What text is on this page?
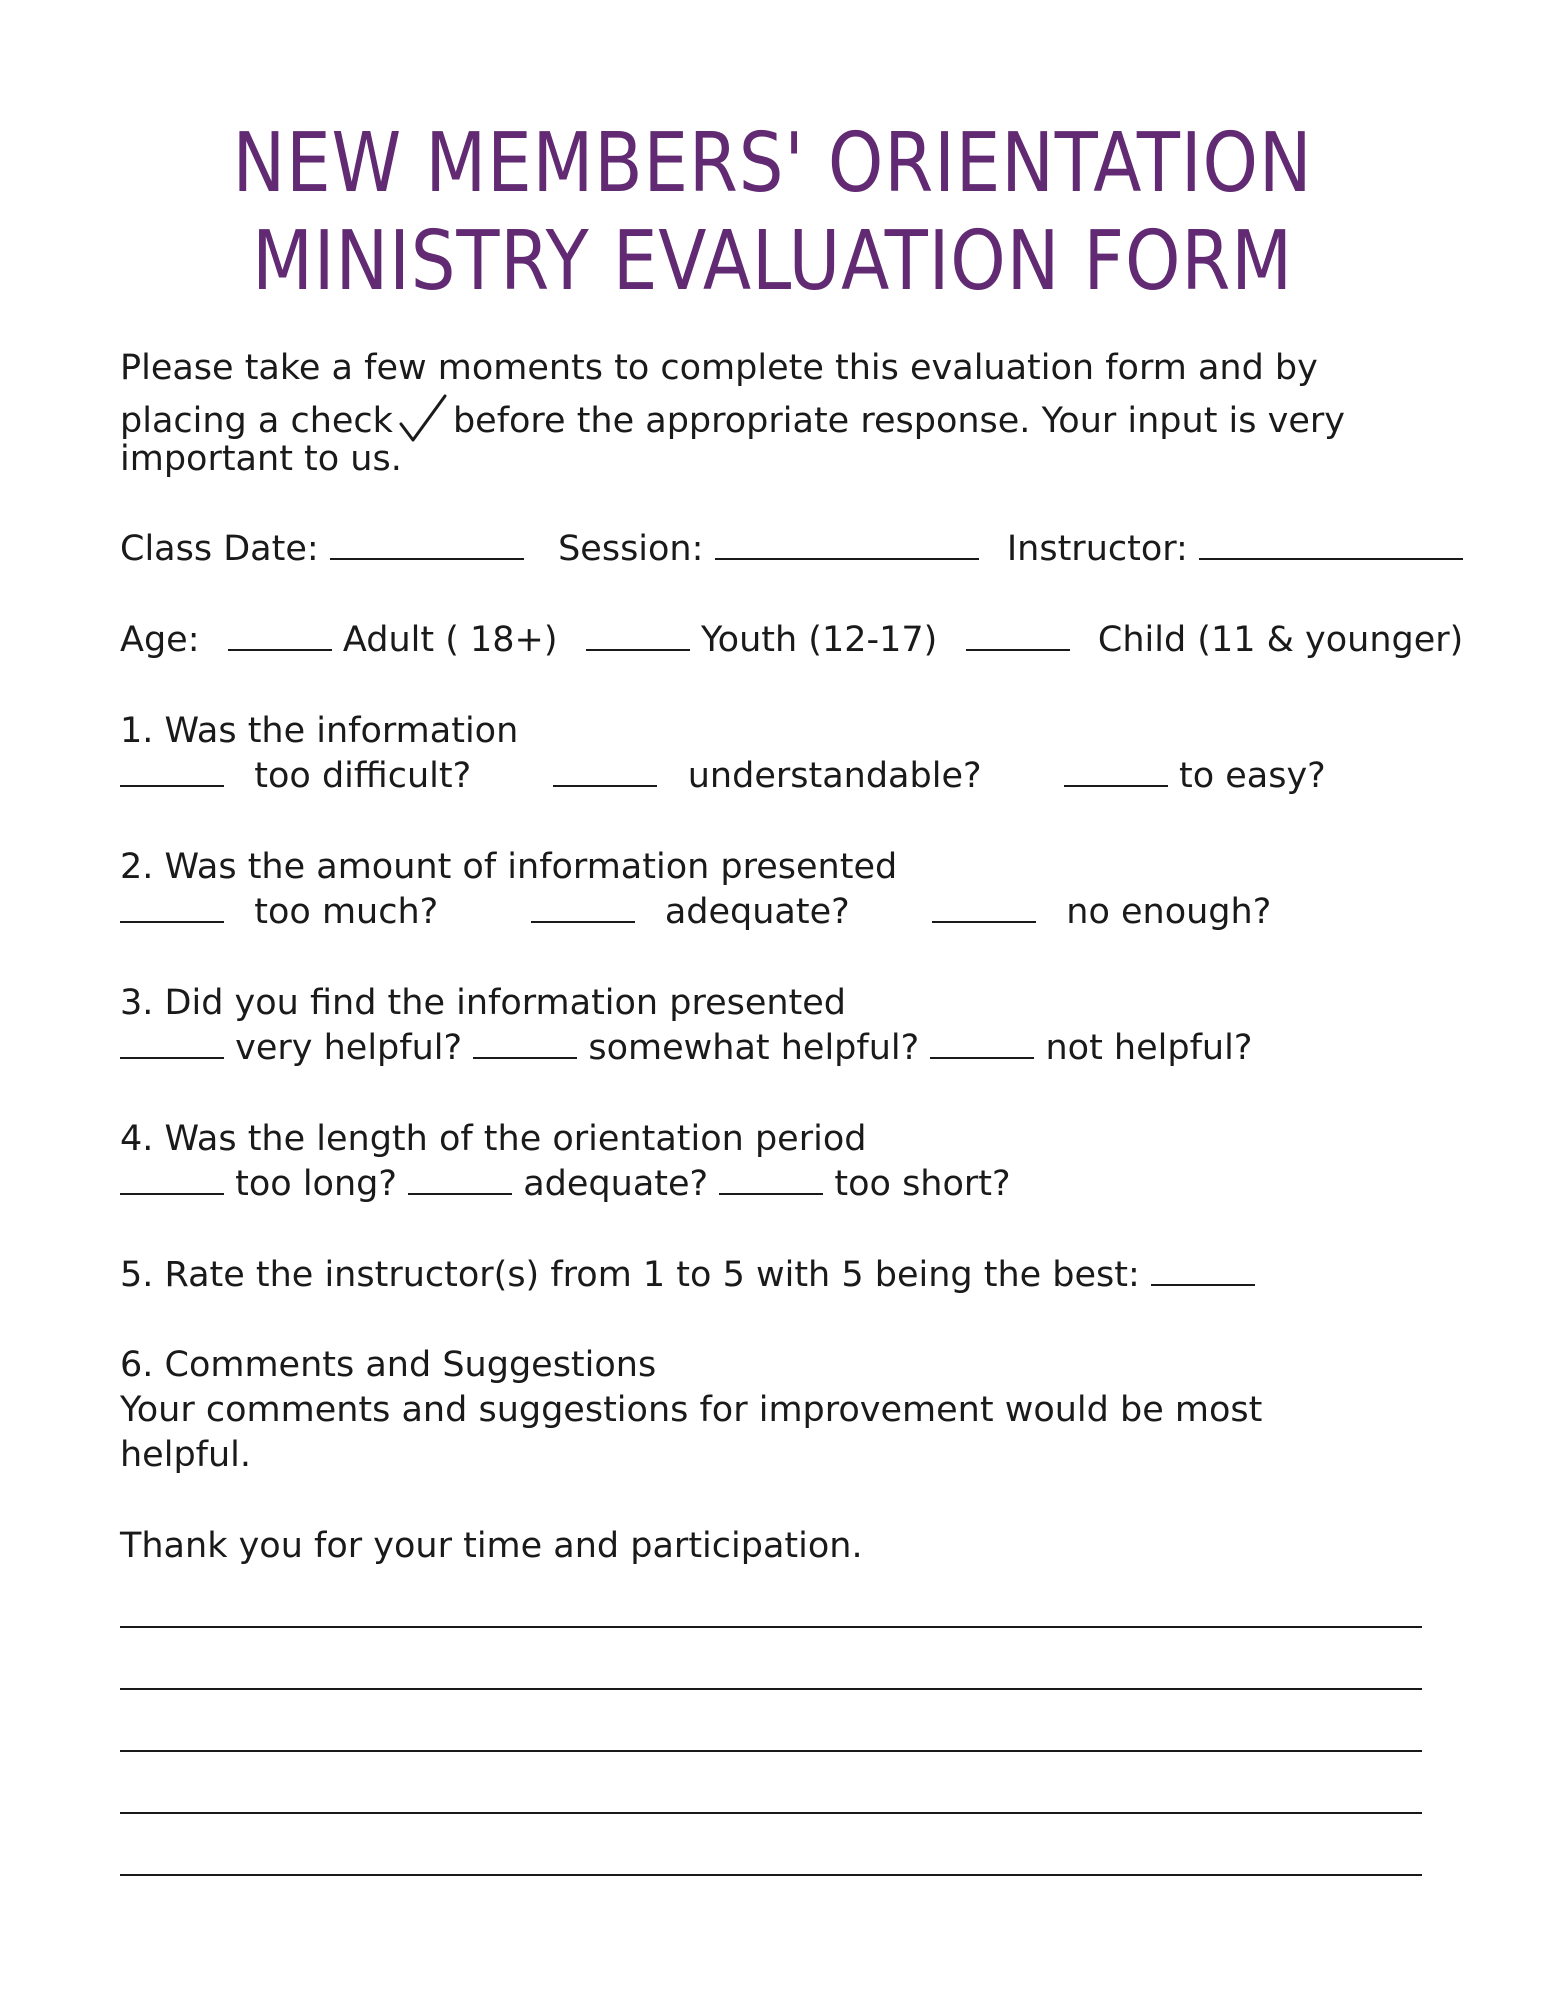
NEW MEMBERS' ORIENTATION
MINISTRY EVALUATION FORM
Please take a few moments to complete this evaluation form and by
placing a check before the appropriate response. Your input is very
important to us.
Class Date:	Session:	Instructor:
Age:	Adult ( 18+)	Youth (12-17)	Child (11 & younger)
1. Was the information
too difficult?	understandable?	to easy?
2. Was the amount of information presented
too much?	adequate?	no enough?
3. Did you find the information presented
very helpful?	somewhat helpful?	not helpful?
4. Was the length of the orientation period
too long?	adequate?	too short?
5. Rate the instructor(s) from 1 to 5 with 5 being the best:
6. Comments and Suggestions
Your comments and suggestions for improvement would be most
helpful.
Thank you for your time and participation.
